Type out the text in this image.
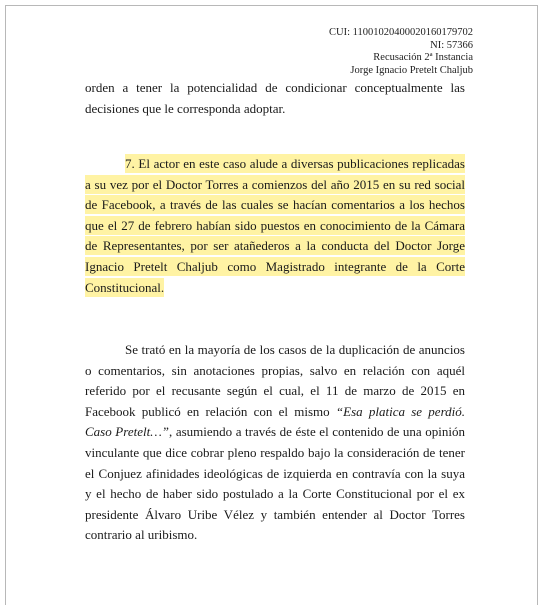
CUI: 11001020400020160179702
NI: 57366
Recusación 2ª Instancia
Jorge Ignacio Pretelt Chaljub

orden a tener la potencialidad de condicionar conceptualmente las decisiones que le corresponda adoptar.

7. El actor en este caso alude a diversas publicaciones replicadas a su vez por el Doctor Torres a comienzos del año 2015 en su red social de Facebook, a través de las cuales se hacían comentarios a los hechos que el 27 de febrero habían sido puestos en conocimiento de la Cámara de Representantes, por ser atañederos a la conducta del Doctor Jorge Ignacio Pretelt Chaljub como Magistrado integrante de la Corte Constitucional.

Se trató en la mayoría de los casos de la duplicación de anuncios o comentarios, sin anotaciones propias, salvo en relación con aquél referido por el recusante según el cual, el 11 de marzo de 2015 en Facebook publicó en relación con el mismo “Esa platica se perdió. Caso Pretelt…”, asumiendo a través de éste el contenido de una opinión vinculante que dice cobrar pleno respaldo bajo la consideración de tener el Conjuez afinidades ideológicas de izquierda en contravía con la suya y el hecho de haber sido postulado a la Corte Constitucional por el ex presidente Álvaro Uribe Vélez y también entender al Doctor Torres contrario al uribismo.
